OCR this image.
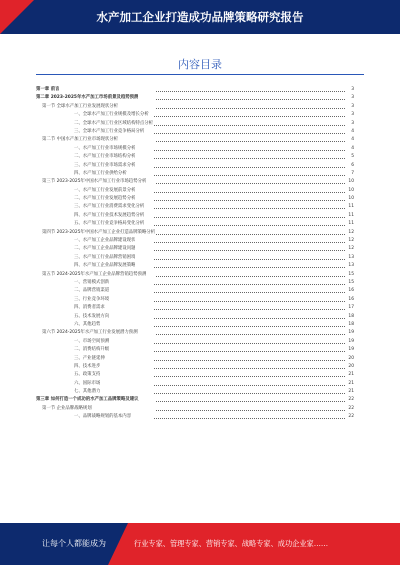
水产加工企业打造成功品牌策略研究报告
内容目录
第一章 前言	3
第二章 2023-2025年水产加工市场前景及趋势预测	3
第一节 全球水产加工行业发展现状分析	3
一、全球水产加工行业规模及增长分析	3
二、全球水产加工行业区域结构特点分析	3
三、全球水产加工行业竞争格局分析	4
第二节 中国水产加工行业市场现状分析	4
一、水产加工行业市场规模分析	4
二、水产加工行业市场结构分析	5
三、水产加工行业市场需求分析	6
四、水产加工行业供给分析	7
第三节 2023-2025年中国水产加工行业市场趋势分析	10
一、水产加工行业发展前景分析	10
二、水产加工行业发展趋势分析	10
三、水产加工行业消费需求变化分析	11
四、水产加工行业技术发展趋势分析	11
五、水产加工行业竞争格局变化分析	11
第四节 2023-2025年中国水产加工企业打造品牌策略分析	12
一、水产加工企业品牌建设现状	12
二、水产加工企业品牌建设问题	12
三、水产加工行业品牌营销困境	13
四、水产加工企业品牌发展策略	13
第五节 2024-2025年水产加工企业品牌营销趋势预测	15
一、营销模式创新	15
二、品牌营销渠道	16
三、行业竞争环境	16
四、消费者需求	17
五、技术发展方向	18
六、其他趋势	18
第六节 2024-2025年水产加工行业发展潜力预测	19
一、市场空间预测	19
二、消费结构升级	19
三、产业链延伸	20
四、技术进步	20
五、政策支持	21
六、国际市场	21
七、其他潜力	21
第三章 如何打造一个成功的水产加工品牌策略及建议	22
第一节 企业品牌战略规划	22
一、品牌战略规划的基本内容	22
让每个人都能成为	行业专家、管理专家、营销专家、战略专家、成功企业家……
